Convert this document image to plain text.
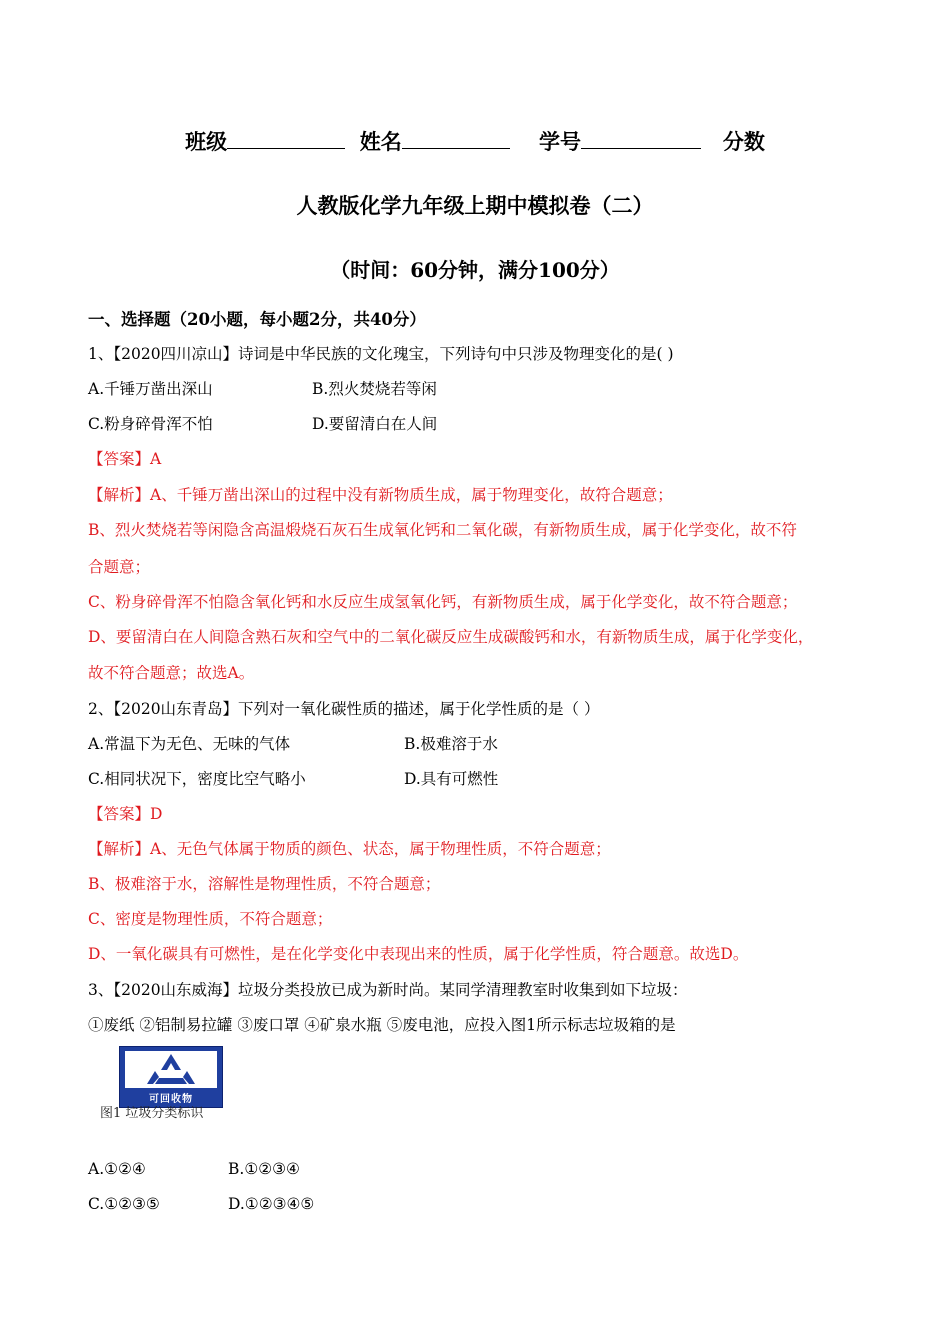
班级	姓名	学号	分数
人教版化学九年级上期中模拟卷（二）
（时间：60分钟，满分100分）
一、选择题（20小题，每小题2分，共40分）
1、【2020四川凉山】诗词是中华民族的文化瑰宝，下列诗句中只涉及物理变化的是( )
A.千锤万凿出深山	B.烈火焚烧若等闲
C.粉身碎骨浑不怕	D.要留清白在人间
【答案】A
【解析】A、千锤万凿出深山的过程中没有新物质生成，属于物理变化，故符合题意；
B、烈火焚烧若等闲隐含高温煅烧石灰石生成氧化钙和二氧化碳，有新物质生成，属于化学变化，故不符
合题意；
C、粉身碎骨浑不怕隐含氧化钙和水反应生成氢氧化钙，有新物质生成，属于化学变化，故不符合题意；
D、要留清白在人间隐含熟石灰和空气中的二氧化碳反应生成碳酸钙和水，有新物质生成，属于化学变化，
故不符合题意；故选A。
2、【2020山东青岛】下列对一氧化碳性质的描述，属于化学性质的是（ ）
A.常温下为无色、无味的气体	B.极难溶于水
C.相同状况下，密度比空气略小	D.具有可燃性
【答案】D
【解析】A、无色气体属于物质的颜色、状态，属于物理性质，不符合题意；
B、极难溶于水，溶解性是物理性质，不符合题意；
C、密度是物理性质，不符合题意；
D、一氧化碳具有可燃性，是在化学变化中表现出来的性质，属于化学性质，符合题意。故选D。
3、【2020山东威海】垃圾分类投放已成为新时尚。某同学清理教室时收集到如下垃圾：
①废纸 ②铝制易拉罐 ③废口罩 ④矿泉水瓶 ⑤废电池，应投入图1所示标志垃圾箱的是
可回收物
图1 垃圾分类标识
A.①②④	B.①②③④
C.①②③⑤	D.①②③④⑤
